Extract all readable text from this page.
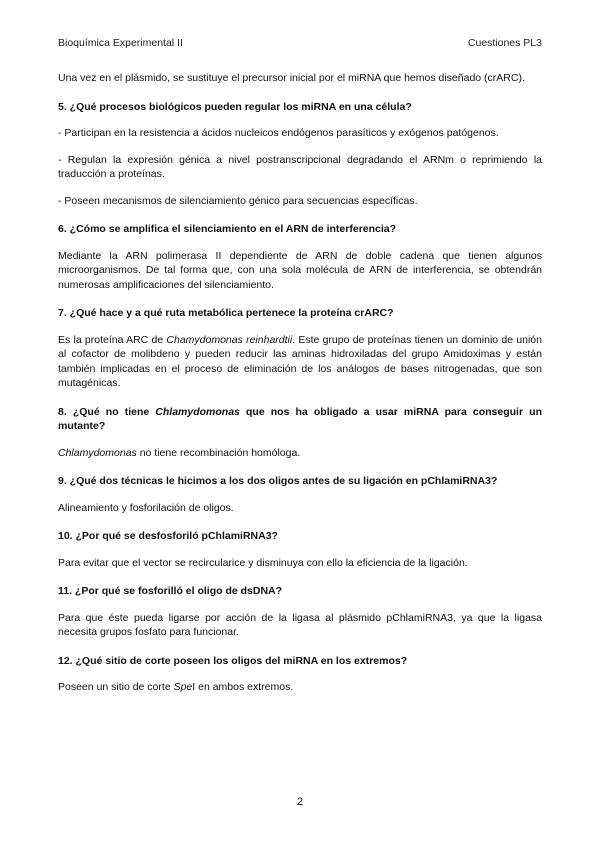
Bioquímica Experimental II	Cuestiones PL3

Una vez en el plásmido, se sustituye el precursor inicial por el miRNA que hemos diseñado (crARC).

5. ¿Qué procesos biológicos pueden regular los miRNA en una célula?

- Participan en la resistencia a ácidos nucleicos endógenos parasíticos y exógenos patógenos.

- Regulan la expresión génica a nivel postranscripcional degradando el ARNm o reprimiendo la traducción a proteínas.

- Poseen mecanismos de silenciamiento génico para secuencias específicas.

6. ¿Cómo se amplifica el silenciamiento en el ARN de interferencia?

Mediante la ARN polimerasa II dependiente de ARN de doble cadena que tienen algunos microorganismos. De tal forma que, con una sola molécula de ARN de interferencia, se obtendrán numerosas amplificaciones del silenciamiento.

7. ¿Qué hace y a qué ruta metabólica pertenece la proteína crARC?

Es la proteína ARC de Chamydomonas reinhardtii. Este grupo de proteínas tienen un dominio de unión al cofactor de molibdeno y pueden reducir las aminas hidroxiladas del grupo Amidoximas y están también implicadas en el proceso de eliminación de los análogos de bases nitrogenadas, que son mutagénicas.

8. ¿Qué no tiene Chlamydomonas que nos ha obligado a usar miRNA para conseguir un mutante?

Chlamydomonas no tiene recombinación homóloga.

9. ¿Qué dos técnicas le hicimos a los dos oligos antes de su ligación en pChlamiRNA3?

Alineamiento y fosforilación de oligos.

10. ¿Por qué se desfosforiló pChlamiRNA3?

Para evitar que el vector se recircularice y disminuya con ello la eficiencia de la ligación.

11. ¿Por qué se fosforilló el oligo de dsDNA?

Para que éste pueda ligarse por acción de la ligasa al plásmido pChlamiRNA3, ya que la ligasa necesita grupos fosfato para funcionar.

12. ¿Qué sitio de corte poseen los oligos del miRNA en los extremos?

Poseen un sitio de corte SpeI en ambos extremos.

2
